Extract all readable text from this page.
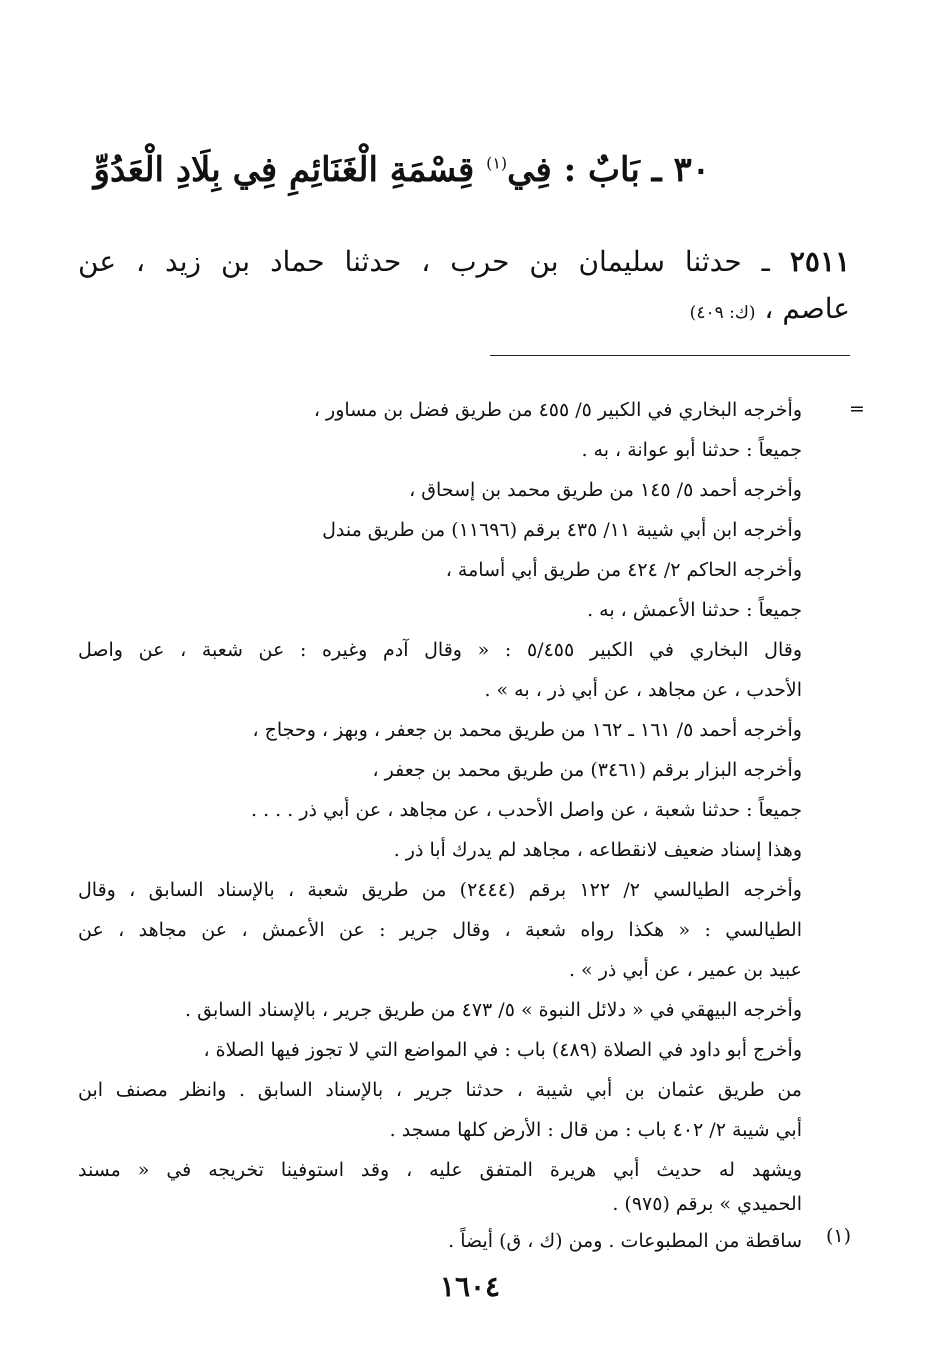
٣٠ ـ بَابٌ : فِي$^{(١)}$ قِسْمَةِ الْغَنَائِمِ فِي بِلَادِ الْعَدُوِّ
٢٥١١ ـ حدثنا سليمان بن حرب ، حدثنا حماد بن زيد ، عن
عاصم ، (ك: ٤٠٩)
=
وأخرجه البخاري في الكبير ٥/ ٤٥٥ من طريق فضل بن مساور ،
جميعاً : حدثنا أبو عوانة ، به .
وأخرجه أحمد ٥/ ١٤٥ من طريق محمد بن إسحاق ،
وأخرجه ابن أبي شيبة ١١/ ٤٣٥ برقم (١١٦٩٦) من طريق مندل
وأخرجه الحاكم ٢/ ٤٢٤ من طريق أبي أسامة ،
جميعاً : حدثنا الأعمش ، به .
وقال البخاري في الكبير ٥/٤٥٥ : « وقال آدم وغيره : عن شعبة ، عن واصل
الأحدب ، عن مجاهد ، عن أبي ذر ، به » .
وأخرجه أحمد ٥/ ١٦١ ـ ١٦٢ من طريق محمد بن جعفر ، وبهز ، وحجاج ،
وأخرجه البزار برقم (٣٤٦١) من طريق محمد بن جعفر ،
جميعاً : حدثنا شعبة ، عن واصل الأحدب ، عن مجاهد ، عن أبي ذر . . . .
وهذا إسناد ضعيف لانقطاعه ، مجاهد لم يدرك أبا ذر .
وأخرجه الطيالسي ٢/ ١٢٢ برقم (٢٤٤٤) من طريق شعبة ، بالإسناد السابق ، وقال
الطيالسي : « هكذا رواه شعبة ، وقال جرير : عن الأعمش ، عن مجاهد ، عن
عبيد بن عمير ، عن أبي ذر » .
وأخرجه البيهقي في « دلائل النبوة » ٥/ ٤٧٣ من طريق جرير ، بالإسناد السابق .
وأخرج أبو داود في الصلاة (٤٨٩) باب : في المواضع التي لا تجوز فيها الصلاة ،
من طريق عثمان بن أبي شيبة ، حدثنا جرير ، بالإسناد السابق . وانظر مصنف ابن
أبي شيبة ٢/ ٤٠٢ باب : من قال : الأرض كلها مسجد .
ويشهد له حديث أبي هريرة المتفق عليه ، وقد استوفينا تخريجه في « مسند
الحميدي » برقم (٩٧٥) .
(١)
ساقطة من المطبوعات . ومن (ك ، ق) أيضاً .
١٦٠٤
